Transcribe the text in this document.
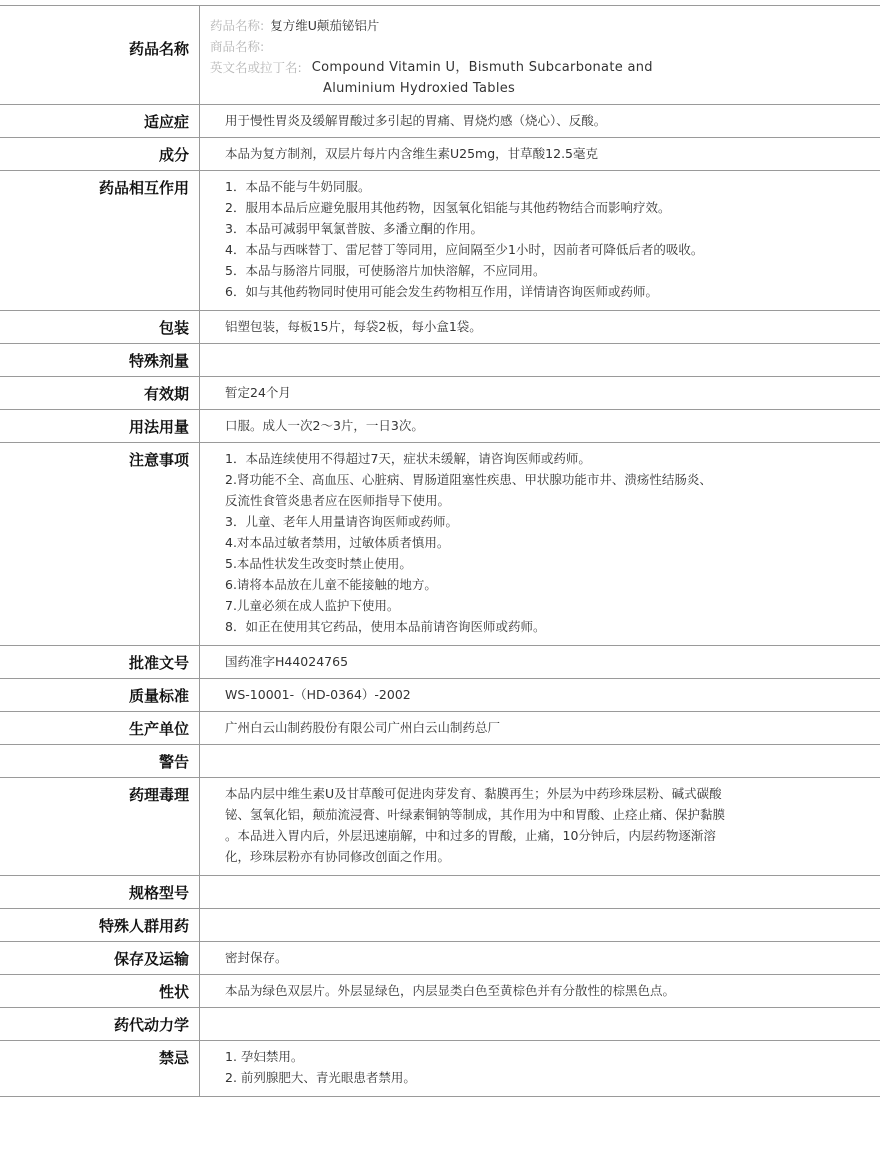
药品名称
药品名称: 复方维U颠茄铋铝片
商品名称:
英文名或拉丁名: Compound Vitamin U，Bismuth Subcarbonate and
Aluminium Hydroxied Tables
适应症	用于慢性胃炎及缓解胃酸过多引起的胃痛、胃烧灼感（烧心）、反酸。
成分	本品为复方制剂，双层片每片内含维生素U25mg，甘草酸12.5毫克
药品相互作用	1．本品不能与牛奶同服。
2．服用本品后应避免服用其他药物，因氢氧化铝能与其他药物结合而影响疗效。
3．本品可减弱甲氧氯普胺、多潘立酮的作用。
4．本品与西咪替丁、雷尼替丁等同用，应间隔至少1小时，因前者可降低后者的吸收。
5．本品与肠溶片同服，可使肠溶片加快溶解，不应同用。
6．如与其他药物同时使用可能会发生药物相互作用，详情请咨询医师或药师。
包装	铝塑包装，每板15片，每袋2板，每小盒1袋。
特殊剂量
有效期	暂定24个月
用法用量	口服。成人一次2～3片，一日3次。
注意事项	1．本品连续使用不得超过7天，症状未缓解，请咨询医师或药师。
2.肾功能不全、高血压、心脏病、胃肠道阻塞性疾患、甲状腺功能市井、溃疡性结肠炎、
反流性食管炎患者应在医师指导下使用。
3．儿童、老年人用量请咨询医师或药师。
4.对本品过敏者禁用，过敏体质者慎用。
5.本品性状发生改变时禁止使用。
6.请将本品放在儿童不能接触的地方。
7.儿童必须在成人监护下使用。
8．如正在使用其它药品，使用本品前请咨询医师或药师。
批准文号	国药准字H44024765
质量标准	WS-10001-（HD-0364）-2002
生产单位	广州白云山制药股份有限公司广州白云山制药总厂
警告
药理毒理	本品内层中维生素U及甘草酸可促进肉芽发育、黏膜再生；外层为中药珍珠层粉、碱式碳酸
铋、氢氧化铝，颠茄流浸膏、叶绿素铜钠等制成，其作用为中和胃酸、止痉止痛、保护黏膜
。本品进入胃内后，外层迅速崩解，中和过多的胃酸，止痛，10分钟后，内层药物逐渐溶
化，珍珠层粉亦有协同修改创面之作用。
规格型号
特殊人群用药
保存及运输	密封保存。
性状	本品为绿色双层片。外层显绿色，内层显类白色至黄棕色并有分散性的棕黑色点。
药代动力学
禁忌	1. 孕妇禁用。
2. 前列腺肥大、青光眼患者禁用。
